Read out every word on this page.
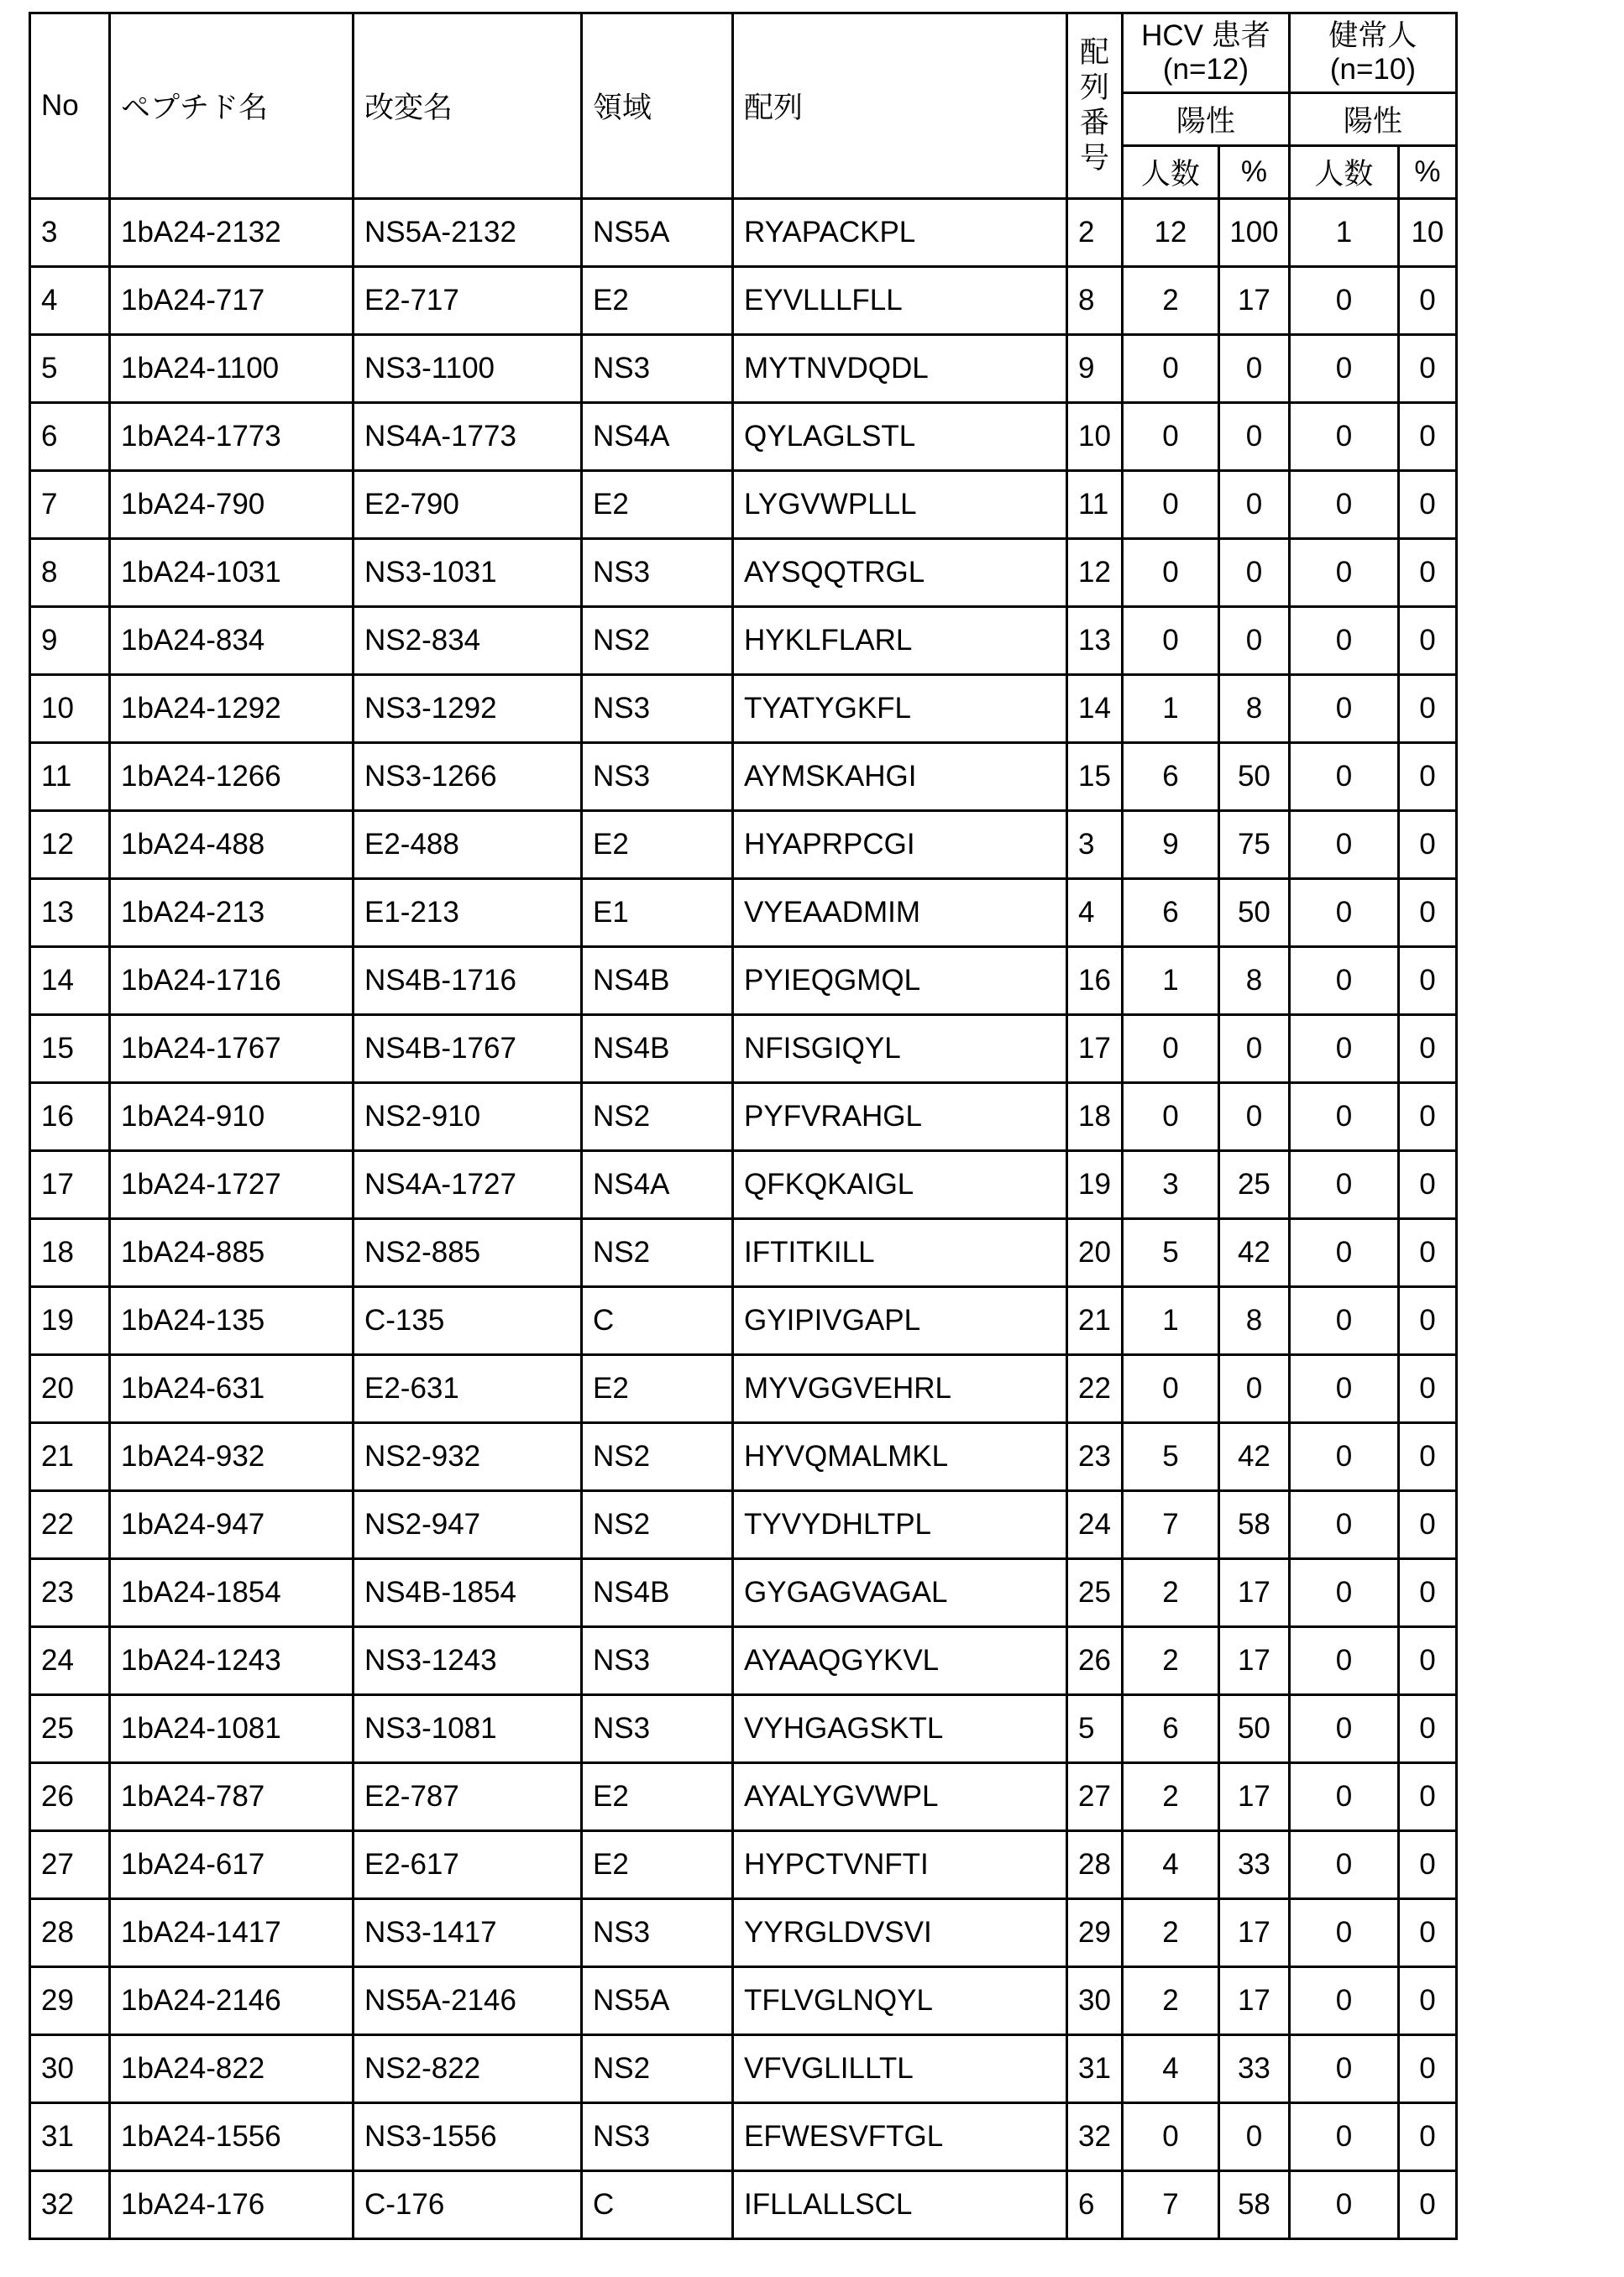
No	ペプチド名	改変名	領域	配列	配
列
番
号	HCV 患者
(n=12)	健常人
(n=10)
陽性	陽性
人数	%	人数	%
3	1bA24-2132	NS5A-2132	NS5A	RYAPACKPL	2	12	100	1	10
4	1bA24-717	E2-717	E2	EYVLLLFLL	8	2	17	0	0
5	1bA24-1100	NS3-1100	NS3	MYTNVDQDL	9	0	0	0	0
6	1bA24-1773	NS4A-1773	NS4A	QYLAGLSTL	10	0	0	0	0
7	1bA24-790	E2-790	E2	LYGVWPLLL	11	0	0	0	0
8	1bA24-1031	NS3-1031	NS3	AYSQQTRGL	12	0	0	0	0
9	1bA24-834	NS2-834	NS2	HYKLFLARL	13	0	0	0	0
10	1bA24-1292	NS3-1292	NS3	TYATYGKFL	14	1	8	0	0
11	1bA24-1266	NS3-1266	NS3	AYMSKAHGI	15	6	50	0	0
12	1bA24-488	E2-488	E2	HYAPRPCGI	3	9	75	0	0
13	1bA24-213	E1-213	E1	VYEAADMIM	4	6	50	0	0
14	1bA24-1716	NS4B-1716	NS4B	PYIEQGMQL	16	1	8	0	0
15	1bA24-1767	NS4B-1767	NS4B	NFISGIQYL	17	0	0	0	0
16	1bA24-910	NS2-910	NS2	PYFVRAHGL	18	0	0	0	0
17	1bA24-1727	NS4A-1727	NS4A	QFKQKAIGL	19	3	25	0	0
18	1bA24-885	NS2-885	NS2	IFTITKILL	20	5	42	0	0
19	1bA24-135	C-135	C	GYIPIVGAPL	21	1	8	0	0
20	1bA24-631	E2-631	E2	MYVGGVEHRL	22	0	0	0	0
21	1bA24-932	NS2-932	NS2	HYVQMALMKL	23	5	42	0	0
22	1bA24-947	NS2-947	NS2	TYVYDHLTPL	24	7	58	0	0
23	1bA24-1854	NS4B-1854	NS4B	GYGAGVAGAL	25	2	17	0	0
24	1bA24-1243	NS3-1243	NS3	AYAAQGYKVL	26	2	17	0	0
25	1bA24-1081	NS3-1081	NS3	VYHGAGSKTL	5	6	50	0	0
26	1bA24-787	E2-787	E2	AYALYGVWPL	27	2	17	0	0
27	1bA24-617	E2-617	E2	HYPCTVNFTI	28	4	33	0	0
28	1bA24-1417	NS3-1417	NS3	YYRGLDVSVI	29	2	17	0	0
29	1bA24-2146	NS5A-2146	NS5A	TFLVGLNQYL	30	2	17	0	0
30	1bA24-822	NS2-822	NS2	VFVGLILLTL	31	4	33	0	0
31	1bA24-1556	NS3-1556	NS3	EFWESVFTGL	32	0	0	0	0
32	1bA24-176	C-176	C	IFLLALLSCL	6	7	58	0	0
